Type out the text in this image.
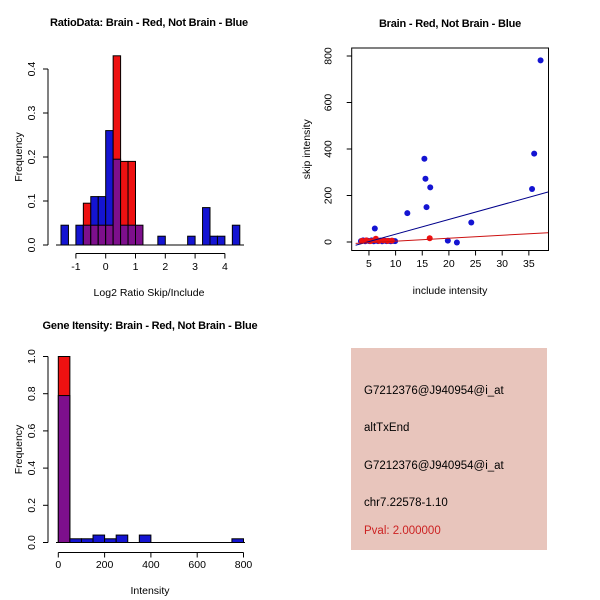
RatioData: Brain - Red, Not Brain - Blue
0.0
0.1
0.2
0.3
0.4
Frequency
-1 0 1 2 3 4
Log2 Ratio Skip/Include
Brain - Red, Not Brain - Blue
5 10 15 20 25 30 35
include intensity
0
200
400
600
800
skip intensity
Gene Itensity: Brain - Red, Not Brain - Blue
0.0
0.2
0.4
0.6
0.8
1.0
Frequency
0	200	400	600	800
Intensity
G7212376@J940954@i_at
altTxEnd
G7212376@J940954@i_at
chr7.22578-1.10
Pval: 2.000000
